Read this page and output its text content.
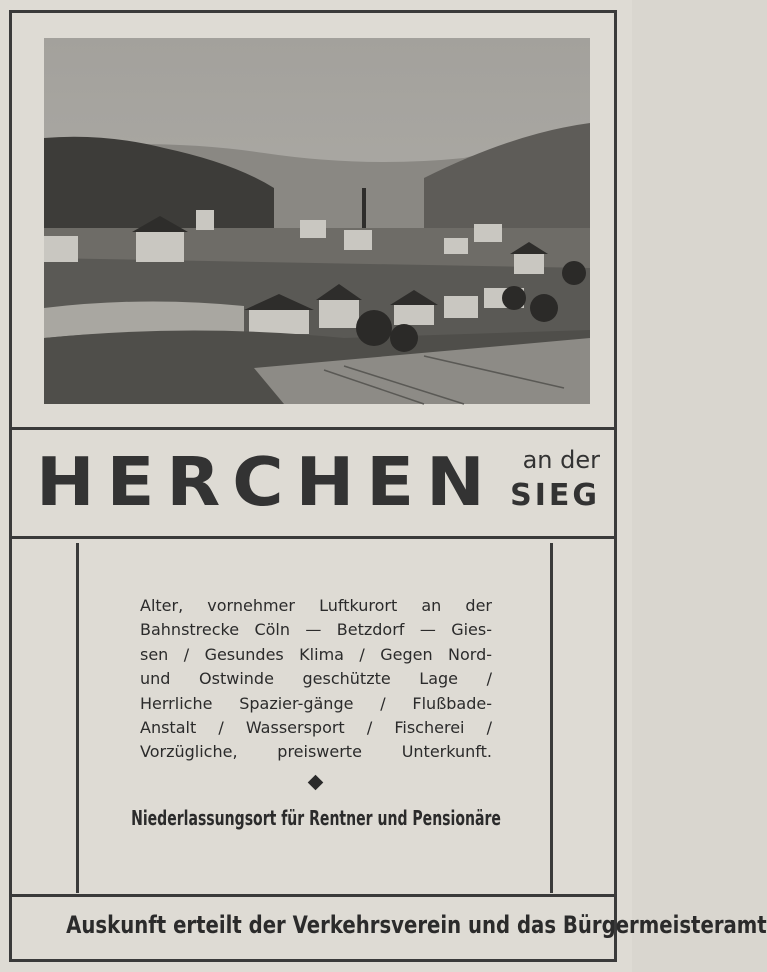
HERCHEN	an der
SIEG
Alter, vornehmer Luftkurort an der
Bahnstrecke Cöln — Betzdorf — Gies-
sen / Gesundes Klima / Gegen Nord-
und Ostwinde geschützte Lage /
Herrliche Spazier-gänge / Flußbade-
Anstalt / Wassersport / Fischerei /
Vorzügliche, preiswerte Unterkunft.
Niederlassungsort für Rentner und Pensionäre
Auskunft erteilt der Verkehrsverein und das Bürgermeisteramt
